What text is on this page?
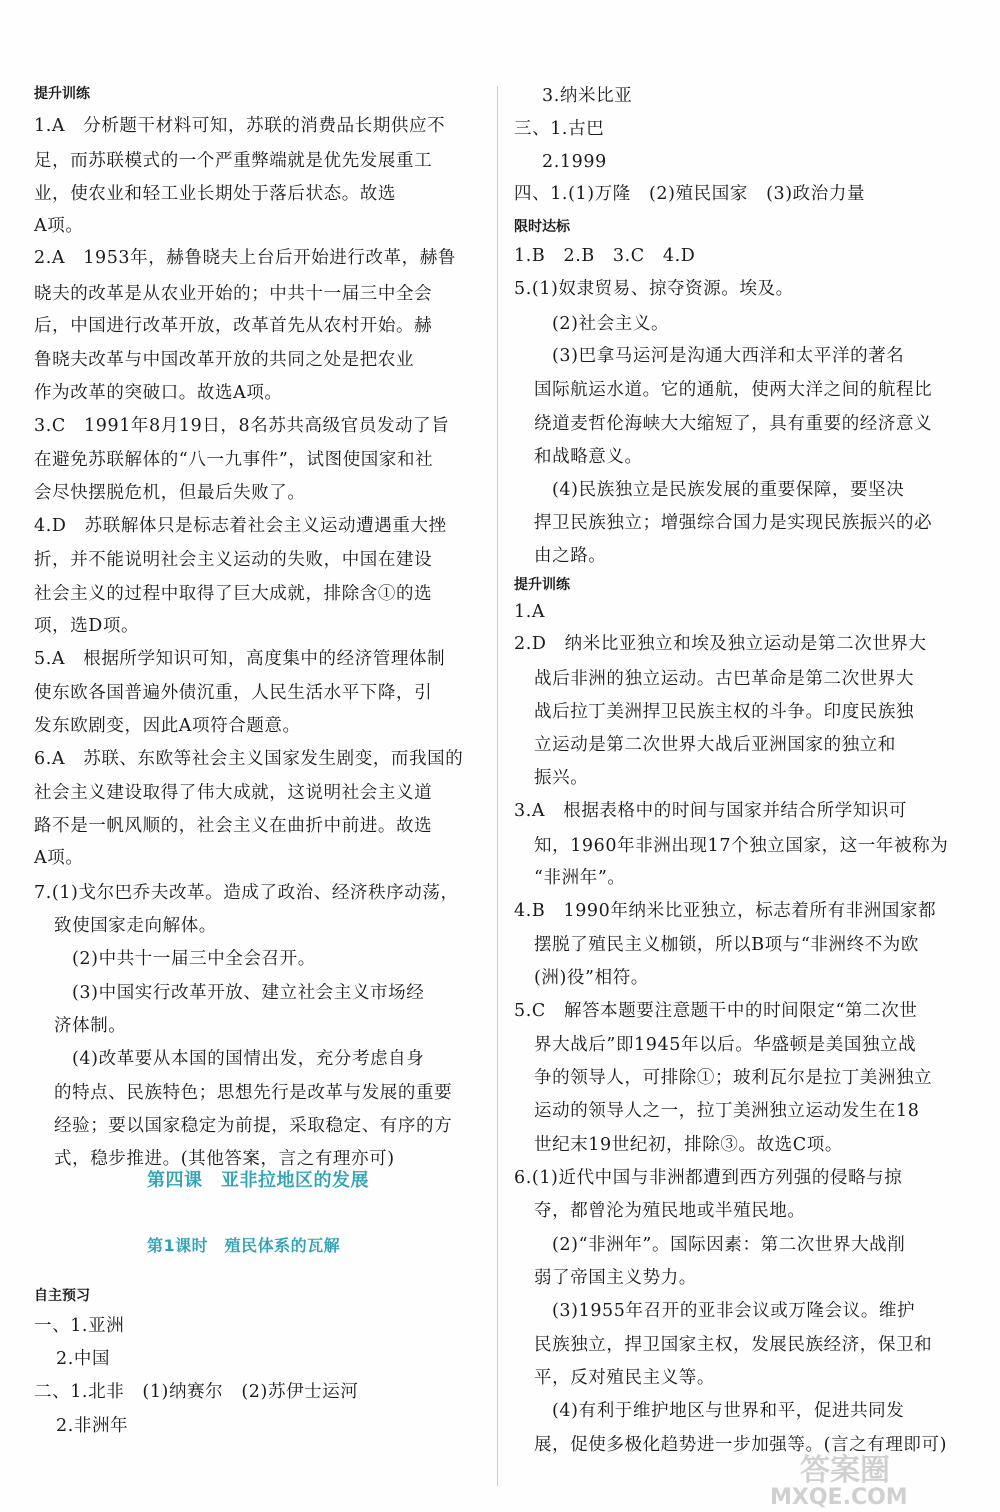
提升训练
1.A　分析题干材料可知，苏联的消费品长期供应不
足，而苏联模式的一个严重弊端就是优先发展重工
业，使农业和轻工业长期处于落后状态。故选
A项。
2.A　1953年，赫鲁晓夫上台后开始进行改革，赫鲁
晓夫的改革是从农业开始的；中共十一届三中全会
后，中国进行改革开放，改革首先从农村开始。赫
鲁晓夫改革与中国改革开放的共同之处是把农业
作为改革的突破口。故选A项。
3.C　1991年8月19日，8名苏共高级官员发动了旨
在避免苏联解体的“八一九事件”，试图使国家和社
会尽快摆脱危机，但最后失败了。
4.D　苏联解体只是标志着社会主义运动遭遇重大挫
折，并不能说明社会主义运动的失败，中国在建设
社会主义的过程中取得了巨大成就，排除含①的选
项，选D项。
5.A　根据所学知识可知，高度集中的经济管理体制
使东欧各国普遍外债沉重，人民生活水平下降，引
发东欧剧变，因此A项符合题意。
6.A　苏联、东欧等社会主义国家发生剧变，而我国的
社会主义建设取得了伟大成就，这说明社会主义道
路不是一帆风顺的，社会主义在曲折中前进。故选
A项。
7.(1)戈尔巴乔夫改革。造成了政治、经济秩序动荡，
致使国家走向解体。
(2)中共十一届三中全会召开。
(3)中国实行改革开放、建立社会主义市场经
济体制。
(4)改革要从本国的国情出发，充分考虑自身
的特点、民族特色；思想先行是改革与发展的重要
经验；要以国家稳定为前提，采取稳定、有序的方
式，稳步推进。(其他答案，言之有理亦可)
第四课　亚非拉地区的发展
第1课时　殖民体系的瓦解
自主预习
一、1.亚洲
2.中国
二、1.北非　(1)纳赛尔　(2)苏伊士运河
2.非洲年
3.纳米比亚
三、1.古巴
2.1999
四、1.(1)万隆　(2)殖民国家　(3)政治力量
限时达标
1.B　2.B　3.C　4.D
5.(1)奴隶贸易、掠夺资源。埃及。
(2)社会主义。
(3)巴拿马运河是沟通大西洋和太平洋的著名
国际航运水道。它的通航，使两大洋之间的航程比
绕道麦哲伦海峡大大缩短了，具有重要的经济意义
和战略意义。
(4)民族独立是民族发展的重要保障，要坚决
捍卫民族独立；增强综合国力是实现民族振兴的必
由之路。
提升训练
1.A
2.D　纳米比亚独立和埃及独立运动是第二次世界大
战后非洲的独立运动。古巴革命是第二次世界大
战后拉丁美洲捍卫民族主权的斗争。印度民族独
立运动是第二次世界大战后亚洲国家的独立和
振兴。
3.A　根据表格中的时间与国家并结合所学知识可
知，1960年非洲出现17个独立国家，这一年被称为
“非洲年”。
4.B　1990年纳米比亚独立，标志着所有非洲国家都
摆脱了殖民主义枷锁，所以B项与“非洲终不为欧
(洲)役”相符。
5.C　解答本题要注意题干中的时间限定“第二次世
界大战后”即1945年以后。华盛顿是美国独立战
争的领导人，可排除①；玻利瓦尔是拉丁美洲独立
运动的领导人之一，拉丁美洲独立运动发生在18
世纪末19世纪初，排除③。故选C项。
6.(1)近代中国与非洲都遭到西方列强的侵略与掠
夺，都曾沦为殖民地或半殖民地。
(2)“非洲年”。国际因素：第二次世界大战削
弱了帝国主义势力。
(3)1955年召开的亚非会议或万隆会议。维护
民族独立，捍卫国家主权，发展民族经济，保卫和
平，反对殖民主义等。
(4)有利于维护地区与世界和平，促进共同发
展，促使多极化趋势进一步加强等。(言之有理即可)
答案圈
MXQE.COM
